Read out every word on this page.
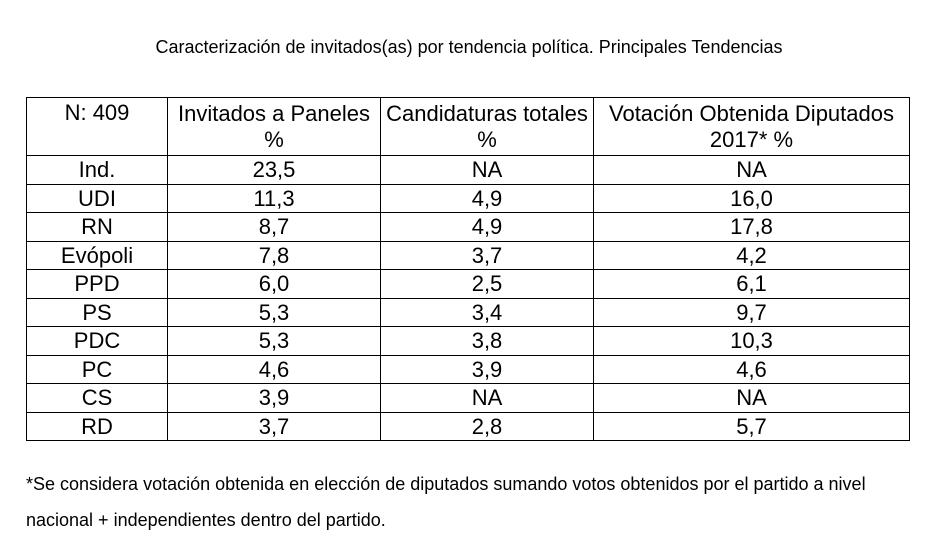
Caracterización de invitados(as) por tendencia política. Principales Tendencias
N: 409	Invitados a Paneles %	Candidaturas totales %	Votación Obtenida Diputados 2017* %
Ind.	23,5	NA	NA
UDI	11,3	4,9	16,0
RN	8,7	4,9	17,8
Evópoli	7,8	3,7	4,2
PPD	6,0	2,5	6,1
PS	5,3	3,4	9,7
PDC	5,3	3,8	10,3
PC	4,6	3,9	4,6
CS	3,9	NA	NA
RD	3,7	2,8	5,7
*Se considera votación obtenida en elección de diputados sumando votos obtenidos por el partido a nivel nacional + independientes dentro del partido.
